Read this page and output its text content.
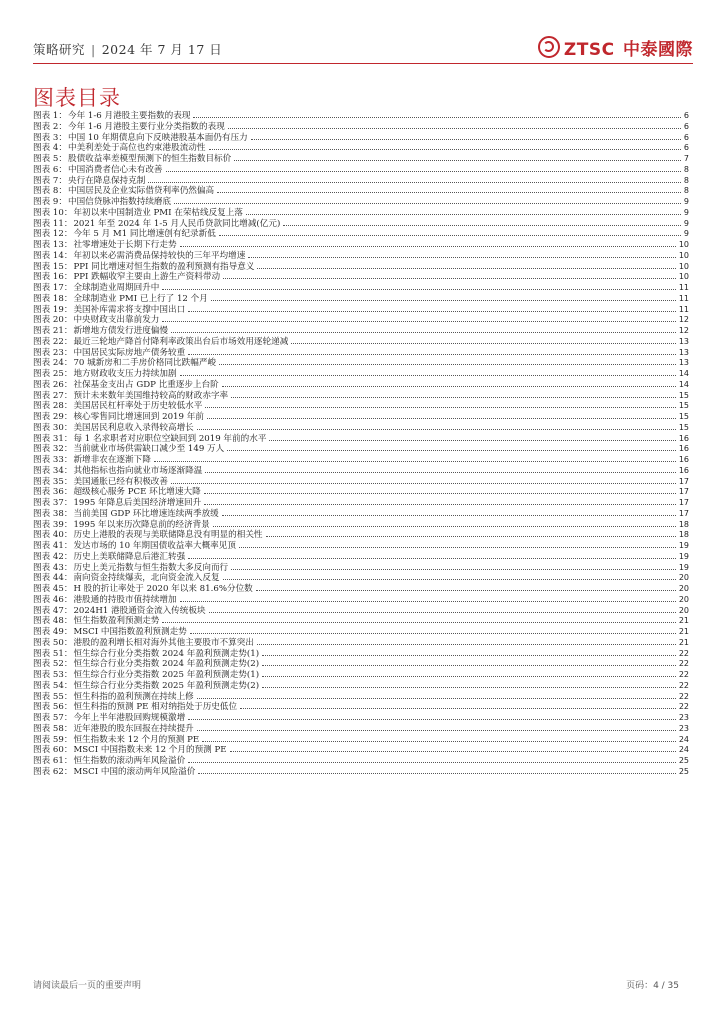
策略研究 | 2024 年 7 月 17 日	ZTSC 中泰國際
图表目录
图表 1： 今年 1-6 月港股主要指数的表现	6
图表 2： 今年 1-6 月港股主要行业分类指数的表现	6
图表 3： 中国 10 年期债息向下反映港股基本面仍有压力	6
图表 4： 中美利差处于高位也约束港股流动性	6
图表 5： 股债收益率差模型预测下的恒生指数目标价	7
图表 6： 中国消费者信心未有改善	8
图表 7： 央行在降息保持克制	8
图表 8： 中国居民及企业实际借贷利率仍然偏高	8
图表 9： 中国信贷脉冲指数持续磨底	9
图表 10： 年初以来中国制造业 PMI 在荣枯线反复上落	9
图表 11： 2021 年至 2024 年 1-5 月人民币贷款同比增减(亿元)	9
图表 12： 今年 5 月 M1 同比增速创有纪录新低	9
图表 13： 社零增速处于长期下行走势	10
图表 14： 年初以来必需消费品保持较快的三年平均增速	10
图表 15： PPI 同比增速对恒生指数的盈利预测有指导意义	10
图表 16： PPI 跌幅收窄主要由上游生产资料带动	10
图表 17： 全球制造业周期回升中	11
图表 18： 全球制造业 PMI 已上行了 12 个月	11
图表 19： 美国补库需求将支撑中国出口	11
图表 20： 中央财政支出靠前发力	12
图表 21： 新增地方债发行进度偏慢	12
图表 22： 最近三轮地产降首付降利率政策出台后市场效用逐轮递减	13
图表 23： 中国居民实际房地产债务较重	13
图表 24： 70 城新房和二手房价格同比跌幅严峻	13
图表 25： 地方财政收支压力持续加剧	14
图表 26： 社保基金支出占 GDP 比重逐步上台阶	14
图表 27： 预计未来数年美国维持较高的财政赤字率	15
图表 28： 美国居民杠杆率处于历史较低水平	15
图表 29： 核心零售同比增速回到 2019 年前	15
图表 30： 美国居民利息收入录得较高增长	15
图表 31： 每 1 名求职者对应职位空缺回到 2019 年前的水平	16
图表 32： 当前就业市场供需缺口减少至 149 万人	16
图表 33： 新增非农在逐渐下降	16
图表 34： 其他指标也指向就业市场逐渐降温	16
图表 35： 美国通胀已经有积极改善	17
图表 36： 超级核心服务 PCE 环比增速大降	17
图表 37： 1995 年降息后美国经济增速回升	17
图表 38： 当前美国 GDP 环比增速连续两季放缓	17
图表 39： 1995 年以来历次降息前的经济背景	18
图表 40： 历史上港股的表现与美联储降息没有明显的相关性	18
图表 41： 发达市场的 10 年期国债收益率大概率见顶	19
图表 42： 历史上美联储降息后港汇转强	19
图表 43： 历史上美元指数与恒生指数大多反向而行	19
图表 44： 南向资金持续爆卖，北向资金流入反复	20
图表 45： H 股的折让率处于 2020 年以来 81.6%分位数	20
图表 46： 港股通的持股市值持续增加	20
图表 47： 2024H1 港股通资金流入传统板块	20
图表 48： 恒生指数盈利预测走势	21
图表 49： MSCI 中国指数盈利预测走势	21
图表 50： 港股的盈利增长相对海外其他主要股市不算突出	21
图表 51： 恒生综合行业分类指数 2024 年盈利预测走势(1)	22
图表 52： 恒生综合行业分类指数 2024 年盈利预测走势(2)	22
图表 53： 恒生综合行业分类指数 2025 年盈利预测走势(1)	22
图表 54： 恒生综合行业分类指数 2025 年盈利预测走势(2)	22
图表 55： 恒生科指的盈利预测在持续上修	22
图表 56： 恒生科指的预测 PE 相对纳指处于历史低位	22
图表 57： 今年上半年港股回购规模激增	23
图表 58： 近年港股的股东回报在持续提升	23
图表 59： 恒生指数未来 12 个月的预测 PE	24
图表 60： MSCI 中国指数未来 12 个月的预测 PE	24
图表 61： 恒生指数的滚动两年风险溢价	25
图表 62： MSCI 中国的滚动两年风险溢价	25
请阅读最后一页的重要声明	页码：4 / 35
